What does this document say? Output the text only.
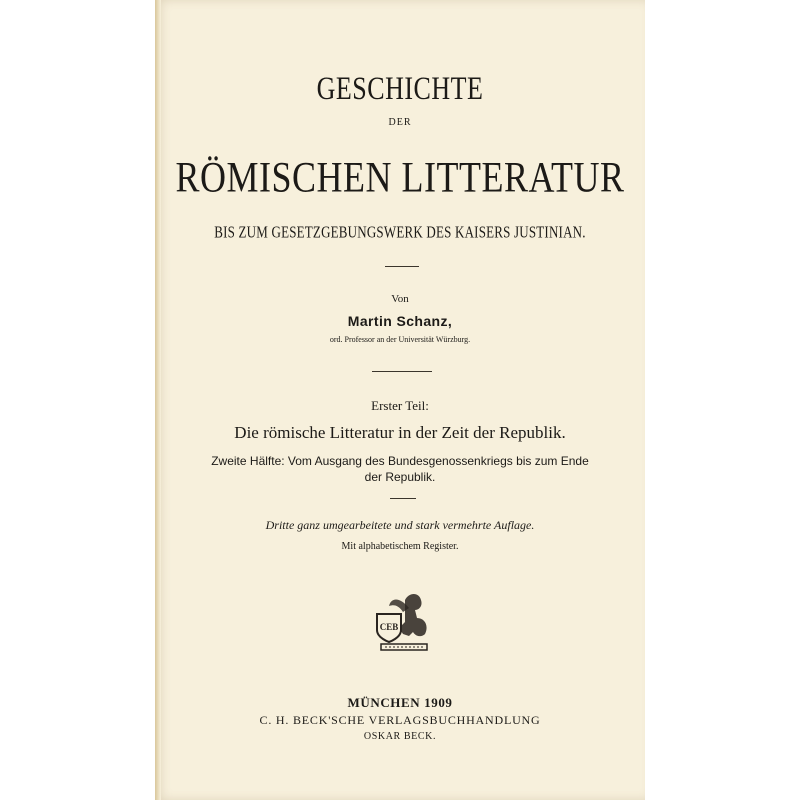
GESCHICHTE
DER
RÖMISCHEN LITTERATUR
BIS ZUM GESETZGEBUNGSWERK DES KAISERS JUSTINIAN.
Von
Martin Schanz,
ord. Professor an der Universität Würzburg.
Erster Teil:
Die römische Litteratur in der Zeit der Republik.
Zweite Hälfte: Vom Ausgang des Bundesgenossenkriegs bis zum Ende
der Republik.
Dritte ganz umgearbeitete und stark vermehrte Auflage.
Mit alphabetischem Register.
CEB
MÜNCHEN 1909
C. H. BECK'SCHE VERLAGSBUCHHANDLUNG
OSKAR BECK.
